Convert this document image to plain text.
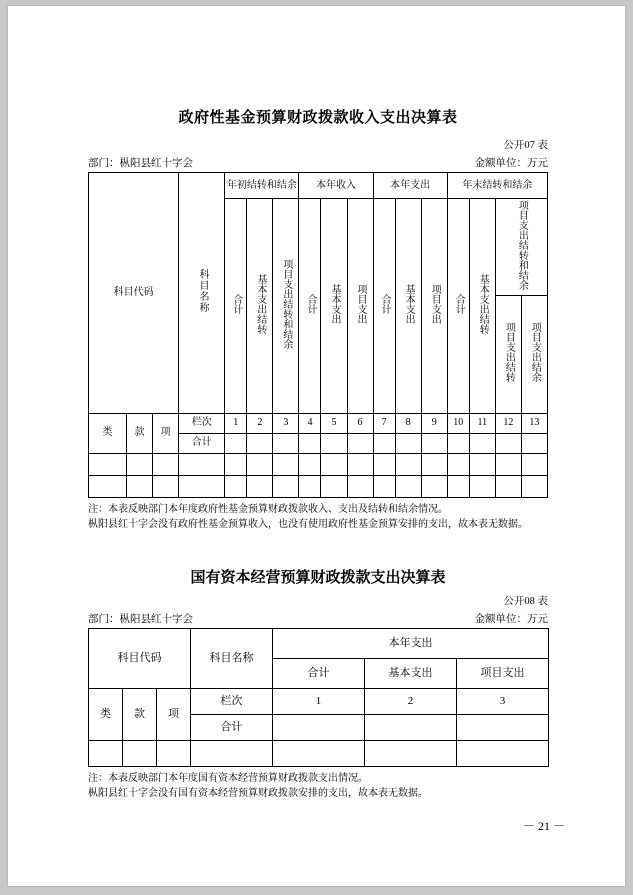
政府性基金预算财政拨款收入支出决算表
公开07 表
部门：枞阳县红十字会	金额单位：万元
科目代码			科目名称	年初结转和结余			本年收入			本年支出			年末结转和结余			
				合计	基本支出结转	项目支出结转和结余	合计	基本支出	项目支出	合计	基本支出	项目支出	合计	基本支出结转	项目支出结转和结余	
															项目支出结转	项目支出结余
类	款	项	栏次	1	2	3	4	5	6	7	8	9	10	11	12	13
			合计													

注：本表反映部门本年度政府性基金预算财政拨款收入、支出及结转和结余情况。
枞阳县红十字会没有政府性基金预算收入，也没有使用政府性基金预算安排的支出，故本表无数据。
国有资本经营预算财政拨款支出决算表
公开08 表
部门：枞阳县红十字会	金额单位：万元
科目代码			科目名称	本年支出		
				合计	基本支出	项目支出
类	款	项	栏次	1	2	3
			合计			

注：本表反映部门本年度国有资本经营预算财政拨款支出情况。
枞阳县红十字会没有国有资本经营预算财政拨款安排的支出，故本表无数据。
－ 21 －
